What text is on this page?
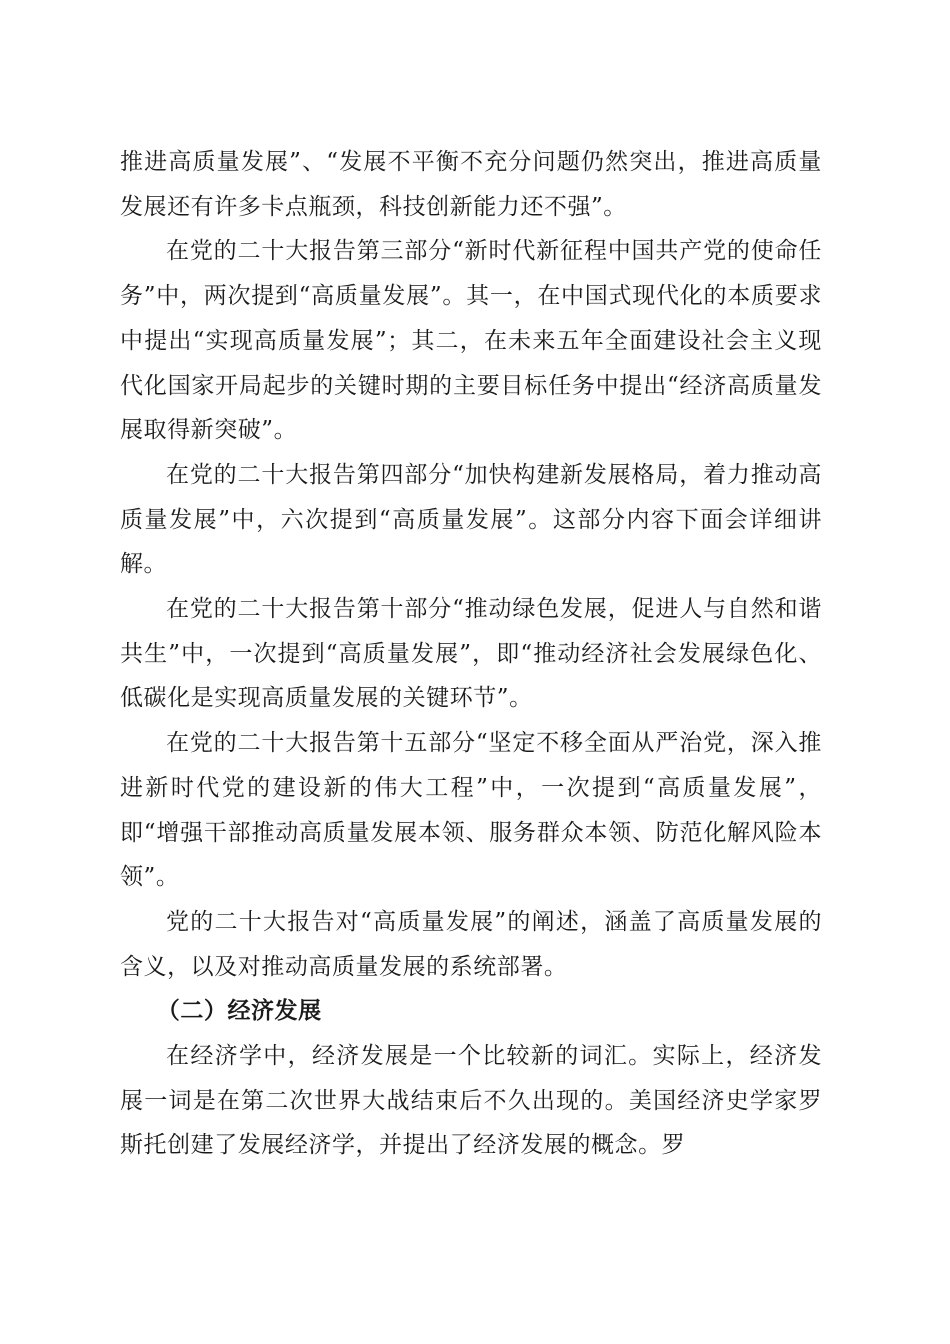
推进高质量发展”、“发展不平衡不充分问题仍然突出，推进高质量发展还有许多卡点瓶颈，科技创新能力还不强”。

在党的二十大报告第三部分“新时代新征程中国共产党的使命任务”中，两次提到“高质量发展”。其一，在中国式现代化的本质要求中提出“实现高质量发展”；其二，在未来五年全面建设社会主义现代化国家开局起步的关键时期的主要目标任务中提出“经济高质量发展取得新突破”。

在党的二十大报告第四部分“加快构建新发展格局，着力推动高质量发展”中，六次提到“高质量发展”。这部分内容下面会详细讲解。

在党的二十大报告第十部分“推动绿色发展，促进人与自然和谐共生”中，一次提到“高质量发展”，即“推动经济社会发展绿色化、低碳化是实现高质量发展的关键环节”。

在党的二十大报告第十五部分“坚定不移全面从严治党，深入推进新时代党的建设新的伟大工程”中，一次提到“高质量发展”，即“增强干部推动高质量发展本领、服务群众本领、防范化解风险本领”。

党的二十大报告对“高质量发展”的阐述，涵盖了高质量发展的含义，以及对推动高质量发展的系统部署。

（二）经济发展

在经济学中，经济发展是一个比较新的词汇。实际上，经济发展一词是在第二次世界大战结束后不久出现的。美国经济史学家罗斯托创建了发展经济学，并提出了经济发展的概念。罗
